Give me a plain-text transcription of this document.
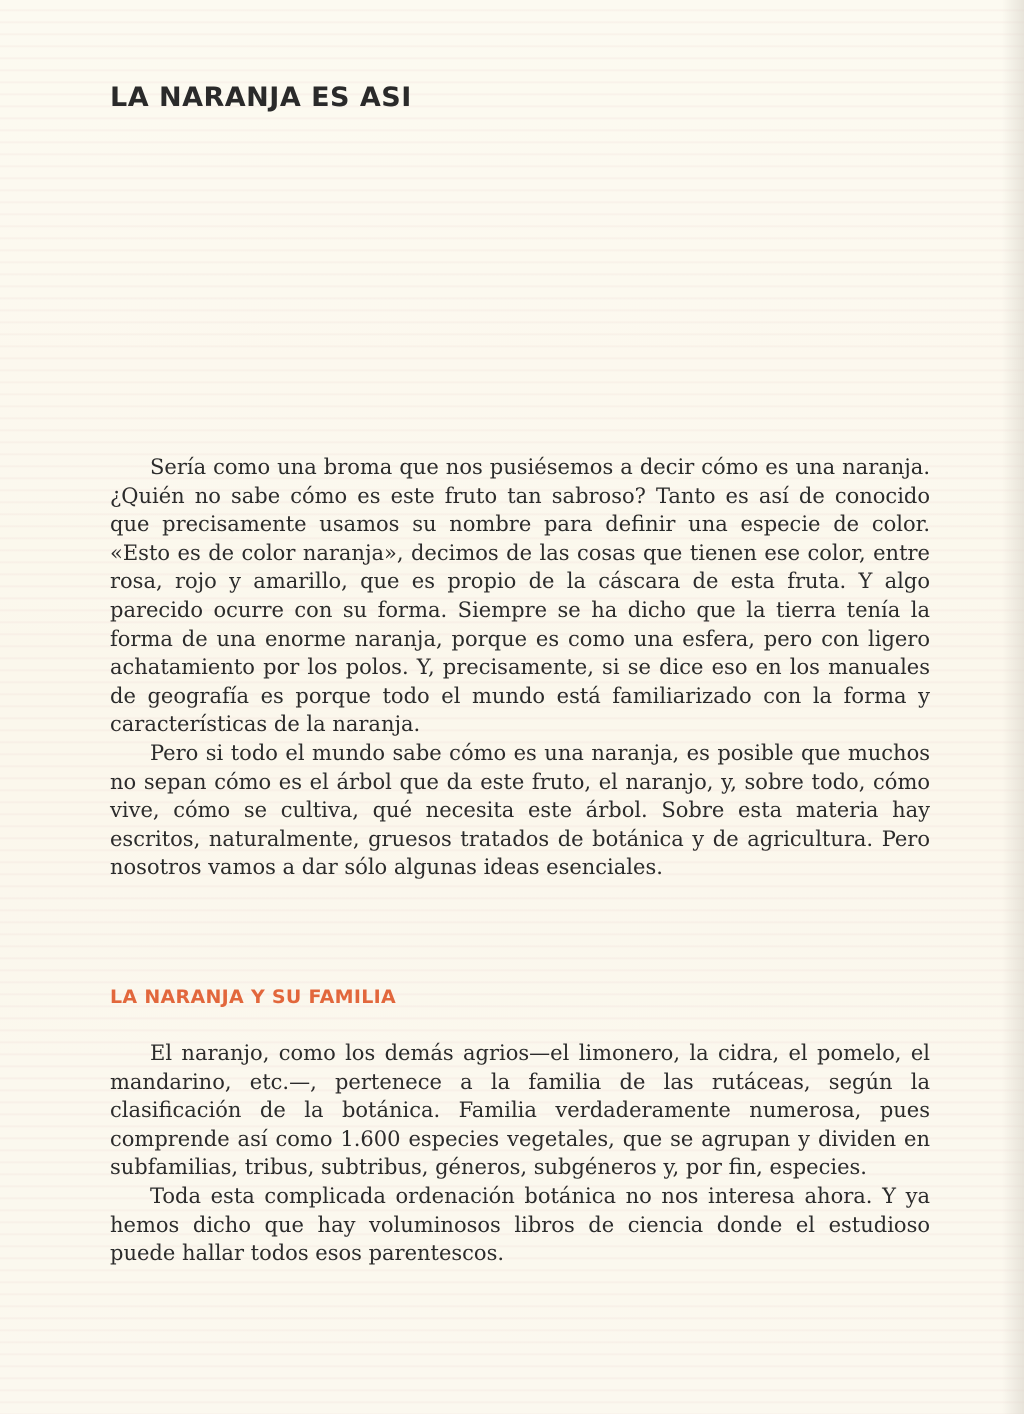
LA NARANJA ES ASI

Sería como una broma que nos pusiésemos a decir cómo es una naranja. ¿Quién no sabe cómo es este fruto tan sabroso? Tanto es así de conocido que precisamente usamos su nombre para definir una especie de color. «Esto es de color naranja», decimos de las cosas que tienen ese color, entre rosa, rojo y amarillo, que es propio de la cáscara de esta fruta. Y algo parecido ocurre con su forma. Siempre se ha dicho que la tierra tenía la forma de una enorme naranja, porque es como una esfera, pero con ligero achatamiento por los polos. Y, precisamente, si se dice eso en los manuales de geografía es porque todo el mundo está familiarizado con la forma y características de la naranja.

Pero si todo el mundo sabe cómo es una naranja, es posible que muchos no sepan cómo es el árbol que da este fruto, el naranjo, y, sobre todo, cómo vive, cómo se cultiva, qué necesita este árbol. Sobre esta materia hay escritos, naturalmente, gruesos tratados de botánica y de agricultura. Pero nosotros vamos a dar sólo algunas ideas esenciales.

LA NARANJA Y SU FAMILIA

El naranjo, como los demás agrios—el limonero, la cidra, el pomelo, el mandarino, etc.—, pertenece a la familia de las rutáceas, según la clasificación de la botánica. Familia verdaderamente numerosa, pues comprende así como 1.600 especies vegetales, que se agrupan y dividen en subfamilias, tribus, subtribus, géneros, subgéneros y, por fin, especies.

Toda esta complicada ordenación botánica no nos interesa ahora. Y ya hemos dicho que hay voluminosos libros de ciencia donde el estudioso puede hallar todos esos parentescos.
